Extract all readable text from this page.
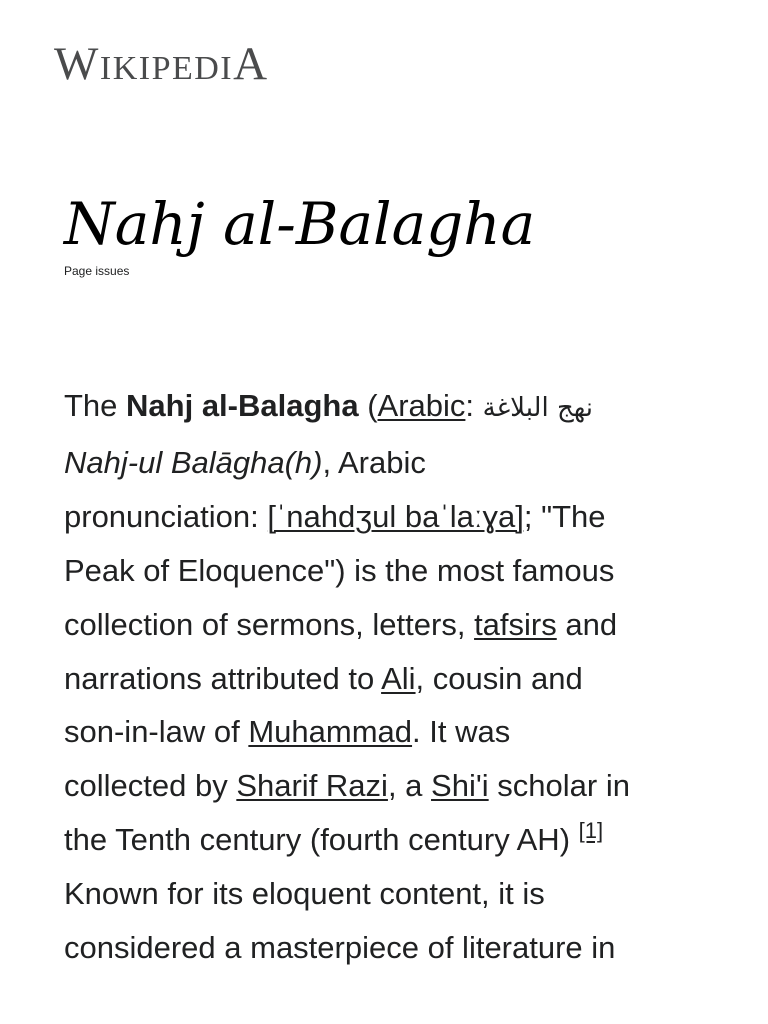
WIKIPEDIA
Nahj al-Balagha
Page issues

The Nahj al-Balagha (Arabic: نهج البلاغة
Nahj-ul Balāgha(h), Arabic
pronunciation: [ˈnahdʒul baˈlaːɣa]; "The
Peak of Eloquence") is the most famous
collection of sermons, letters, tafsirs and
narrations attributed to Ali, cousin and
son-in-law of Muhammad. It was
collected by Sharif Razi, a Shi'i scholar in
the Tenth century (fourth century AH) [1]
Known for its eloquent content, it is
considered a masterpiece of literature in
